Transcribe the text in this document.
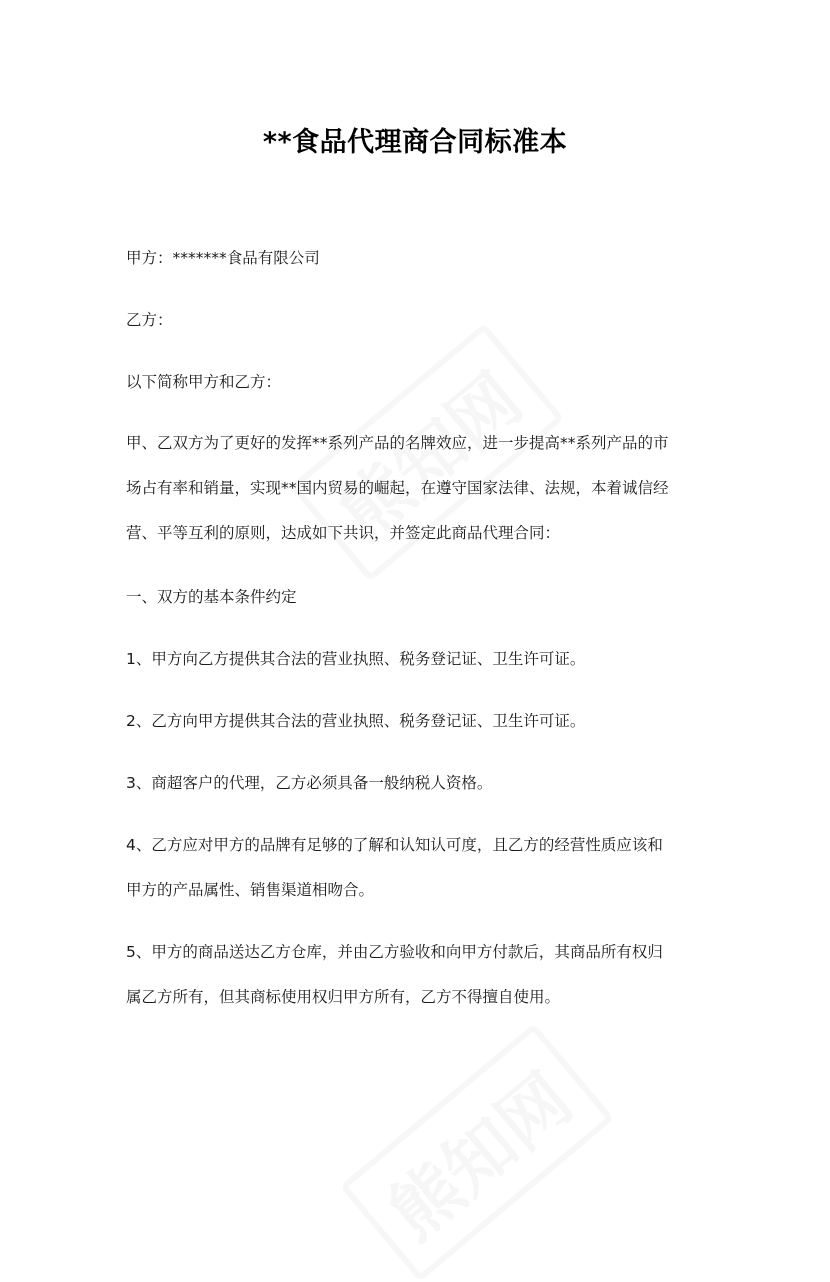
**食品代理商合同标准本
甲方：*******食品有限公司
乙方：
以下简称甲方和乙方：
甲、乙双方为了更好的发挥**系列产品的名牌效应，进一步提高**系列产品的市
场占有率和销量，实现**国内贸易的崛起，在遵守国家法律、法规，本着诚信经
营、平等互利的原则，达成如下共识，并签定此商品代理合同：
一、双方的基本条件约定
1、甲方向乙方提供其合法的营业执照、税务登记证、卫生许可证。
2、乙方向甲方提供其合法的营业执照、税务登记证、卫生许可证。
3、商超客户的代理，乙方必须具备一般纳税人资格。
4、乙方应对甲方的品牌有足够的了解和认知认可度，且乙方的经营性质应该和
甲方的产品属性、销售渠道相吻合。
5、甲方的商品送达乙方仓库，并由乙方验收和向甲方付款后，其商品所有权归
属乙方所有，但其商标使用权归甲方所有，乙方不得擅自使用。
